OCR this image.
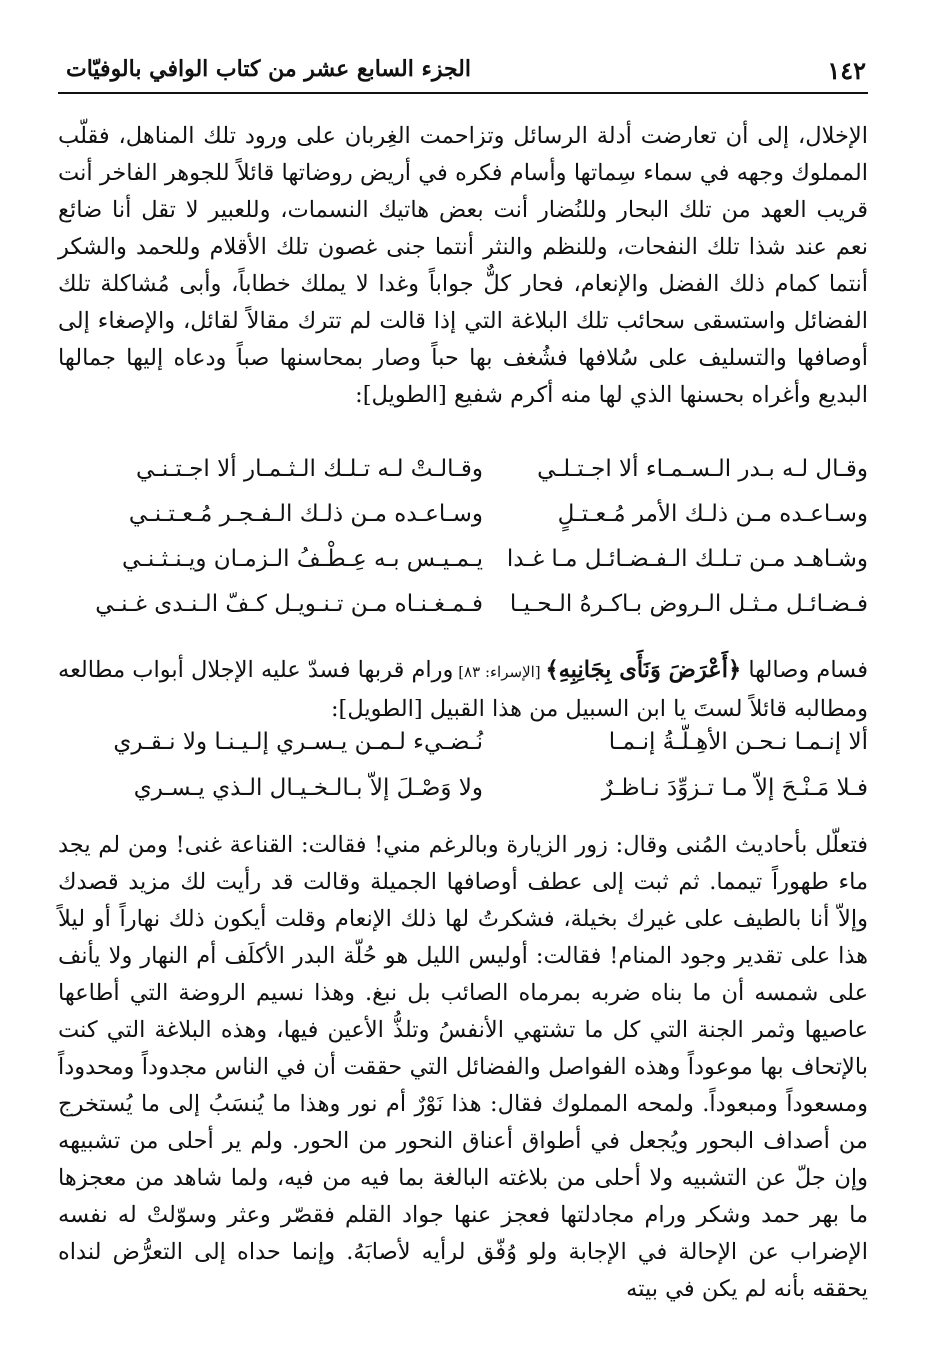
١٤٢
الجزء السابع عشر من كتاب الوافي بالوفيّات

الإخلال، إلى أن تعارضت أدلة الرسائل وتزاحمت الغِربان على ورود تلك المناهل، فقلّب المملوك وجهه في سماء سِماتها وأسام فكره في أريض روضاتها قائلاً للجوهر الفاخر أنت قريب العهد من تلك البحار وللنُضار أنت بعض هاتيك النسمات، وللعبير لا تقل أنا ضائع نعم عند شذا تلك النفحات، وللنظم والنثر أنتما جنى غصون تلك الأقلام وللحمد والشكر أنتما كمام ذلك الفضل والإنعام، فحار كلٌّ جواباً وغدا لا يملك خطاباً، وأبى مُشاكلة تلك الفضائل واستسقى سحائب تلك البلاغة التي إذا قالت لم تترك مقالاً لقائل، والإصغاء إلى أوصافها والتسليف على سُلافها فشُغف بها حباً وصار بمحاسنها صباً ودعاه إليها جمالها البديع وأغراه بحسنها الذي لها منه أكرم شفيع [الطويل]:

وقـال لـه بـدر الـسـمـاء ألا اجـتـلـي
وقـالـتْ لـه تـلـك الـثـمـار ألا اجـتـنـي
وسـاعـده مـن ذلـك الأمر مُـعـتـلٍ
وسـاعـده مـن ذلـك الـفـجـر مُـعـتـنـي
وشـاهـد مـن تـلـك الـفـضـائـل مـا غـدا
يـمـيـس بـه عِـطْـفُ الـزمـان ويـنـثـنـي
فـضـائـل مـثـل الـروض بـاكـرهُ الـحـيـا
فـمـغـنـاه مـن تـنـويـل كـفّ الـنـدى غـنـي

فسام وصالها ﴿أَعْرَضَ وَنَأَى بِجَانِبِهِ﴾ [الإسراء: ٨٣] ورام قربها فسدّ عليه الإجلال أبواب مطالعه ومطالبه قائلاً لستَ يا ابن السبيل من هذا القبيل [الطويل]:

ألا إنـمـا نـحـن الأهِـلّـةُ إنـمـا
نُـضـيء لـمـن يـسـري إلـيـنـا ولا نـقـري
فـلا مَـنْـحَ إلاّ مـا تـزوِّدَ نـاظـرٌ
ولا وَصْـلَ إلاّ بـالـخـيـال الـذي يـسـري

فتعلّل بأحاديث المُنى وقال: زور الزيارة وبالرغم مني! فقالت: القناعة غنى! ومن لم يجد ماء طهوراً تيمما. ثم ثبت إلى عطف أوصافها الجميلة وقالت قد رأيت لك مزيد قصدك وإلاّ أنا بالطيف على غيرك بخيلة، فشكرتُ لها ذلك الإنعام وقلت أيكون ذلك نهاراً أو ليلاً هذا على تقدير وجود المنام! فقالت: أوليس الليل هو حُلّة البدر الأكلَف أم النهار ولا يأنف على شمسه أن ما بناه ضربه بمرماه الصائب بل نبغ. وهذا نسيم الروضة التي أطاعها عاصيها وثمر الجنة التي كل ما تشتهي الأنفسُ وتلذُّ الأعين فيها، وهذه البلاغة التي كنت بالإتحاف بها موعوداً وهذه الفواصل والفضائل التي حققت أن في الناس مجدوداً ومحدوداً ومسعوداً ومبعوداً. ولمحه المملوك فقال: هذا نَوْرٌ أم نور وهذا ما يُنسَبُ إلى ما يُستخرج من أصداف البحور ويُجعل في أطواق أعناق النحور من الحور. ولم ير أحلى من تشبيهه وإن جلّ عن التشبيه ولا أحلى من بلاغته البالغة بما فيه من فيه، ولما شاهد من معجزها ما بهر حمد وشكر ورام مجادلتها فعجز عنها جواد القلم فقصّر وعثر وسوّلتْ له نفسه الإضراب عن الإحالة في الإجابة ولو وُفّق لرأيه لأصابَهُ. وإنما حداه إلى التعرُّض لنداه يحققه بأنه لم يكن في بيته
